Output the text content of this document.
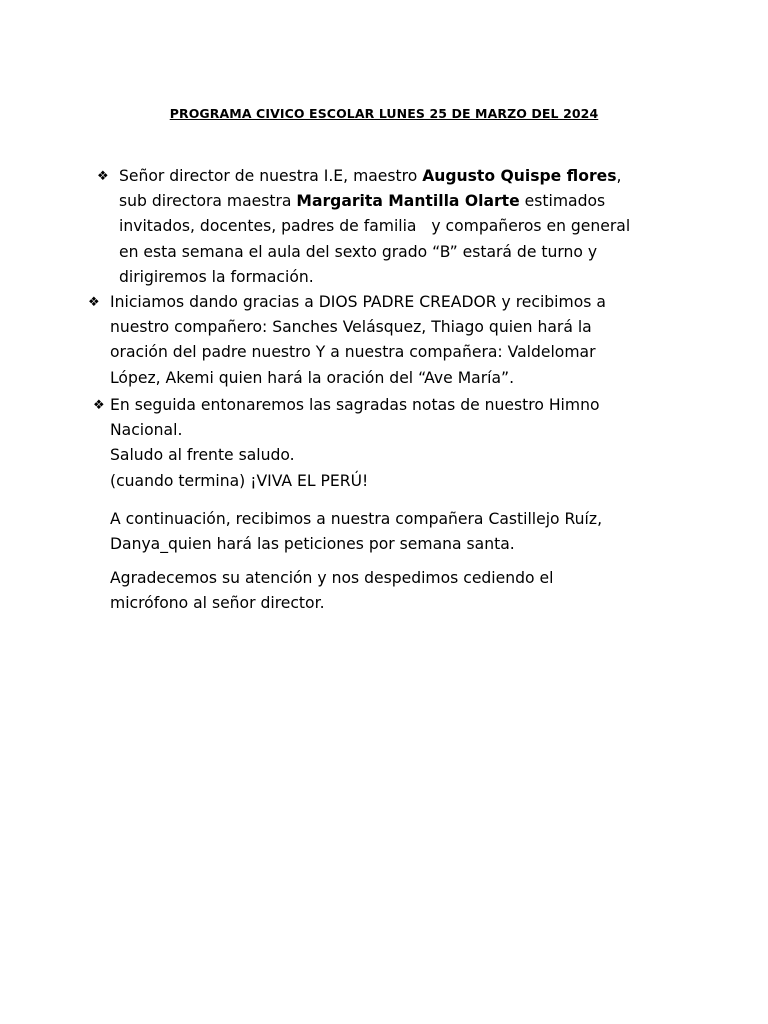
PROGRAMA CIVICO ESCOLAR LUNES 25 DE MARZO DEL 2024
❖ Señor director de nuestra I.E, maestro Augusto Quispe flores,
sub directora maestra Margarita Mantilla Olarte estimados
invitados, docentes, padres de familia   y compañeros en general
en esta semana el aula del sexto grado “B” estará de turno y
dirigiremos la formación.
❖ Iniciamos dando gracias a DIOS PADRE CREADOR y recibimos a
nuestro compañero: Sanches Velásquez, Thiago quien hará la
oración del padre nuestro Y a nuestra compañera: Valdelomar
López, Akemi quien hará la oración del “Ave María”.
❖ En seguida entonaremos las sagradas notas de nuestro Himno
Nacional.
Saludo al frente saludo.
(cuando termina) ¡VIVA EL PERÚ!
A continuación, recibimos a nuestra compañera Castillejo Ruíz,
Danya_quien hará las peticiones por semana santa.
Agradecemos su atención y nos despedimos cediendo el
micrófono al señor director.
